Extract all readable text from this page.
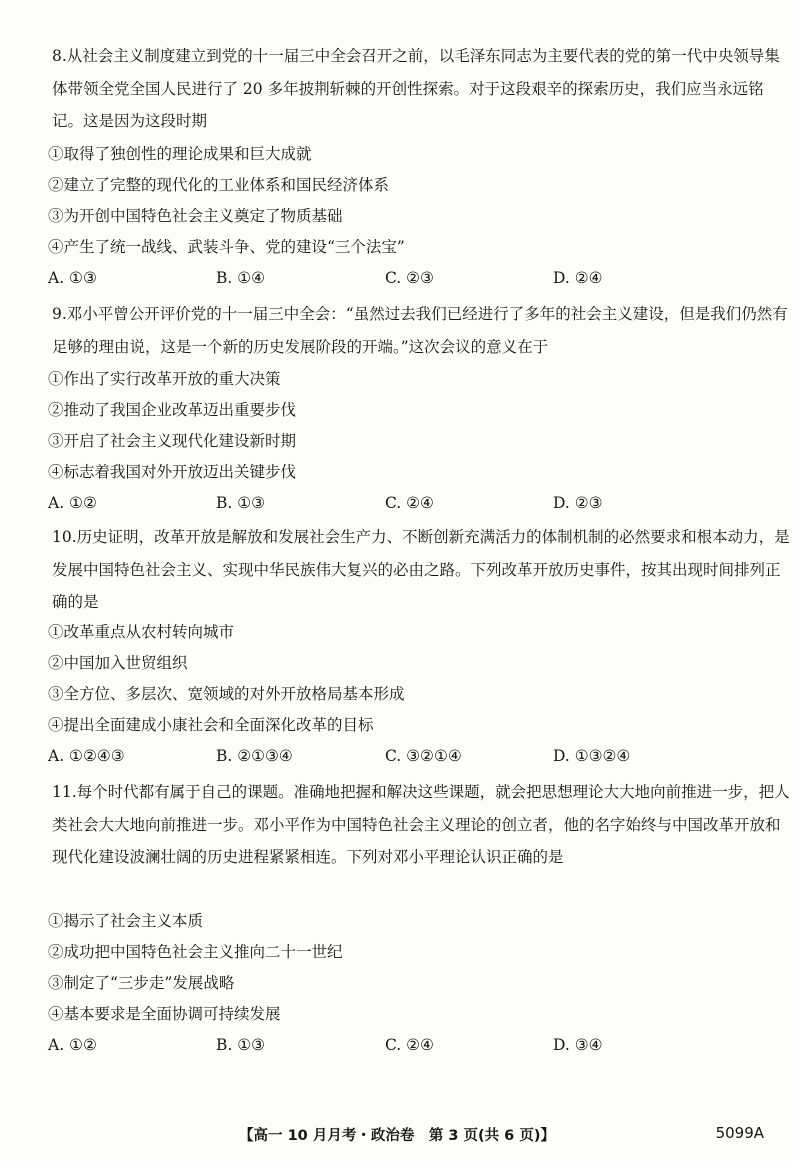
8.从社会主义制度建立到党的十一届三中全会召开之前，以毛泽东同志为主要代表的党的第一代中央领导集体带领全党全国人民进行了 20 多年披荆斩棘的开创性探索。对于这段艰辛的探索历史，我们应当永远铭记。这是因为这段时期

①取得了独创性的理论成果和巨大成就
②建立了完整的现代化的工业体系和国民经济体系
③为开创中国特色社会主义奠定了物质基础
④产生了统一战线、武装斗争、党的建设“三个法宝”
A. ①③	B. ①④	C. ②③	D. ②④

9.邓小平曾公开评价党的十一届三中全会：“虽然过去我们已经进行了多年的社会主义建设，但是我们仍然有足够的理由说，这是一个新的历史发展阶段的开端。”这次会议的意义在于

①作出了实行改革开放的重大决策
②推动了我国企业改革迈出重要步伐
③开启了社会主义现代化建设新时期
④标志着我国对外开放迈出关键步伐
A. ①②	B. ①③	C. ②④	D. ②③

10.历史证明，改革开放是解放和发展社会生产力、不断创新充满活力的体制机制的必然要求和根本动力，是发展中国特色社会主义、实现中华民族伟大复兴的必由之路。下列改革开放历史事件，按其出现时间排列正确的是

①改革重点从农村转向城市
②中国加入世贸组织
③全方位、多层次、宽领域的对外开放格局基本形成
④提出全面建成小康社会和全面深化改革的目标
A. ①②④③	B. ②①③④	C. ③②①④	D. ①③②④

11.每个时代都有属于自己的课题。准确地把握和解决这些课题，就会把思想理论大大地向前推进一步，把人类社会大大地向前推进一步。邓小平作为中国特色社会主义理论的创立者，他的名字始终与中国改革开放和现代化建设波澜壮阔的历史进程紧紧相连。下列对邓小平理论认识正确的是

①揭示了社会主义本质
②成功把中国特色社会主义推向二十一世纪
③制定了“三步走”发展战略
④基本要求是全面协调可持续发展
A. ①②	B. ①③	C. ②④	D. ③④
【高一 10 月月考・政治卷　第 3 页(共 6 页)】	5099A
